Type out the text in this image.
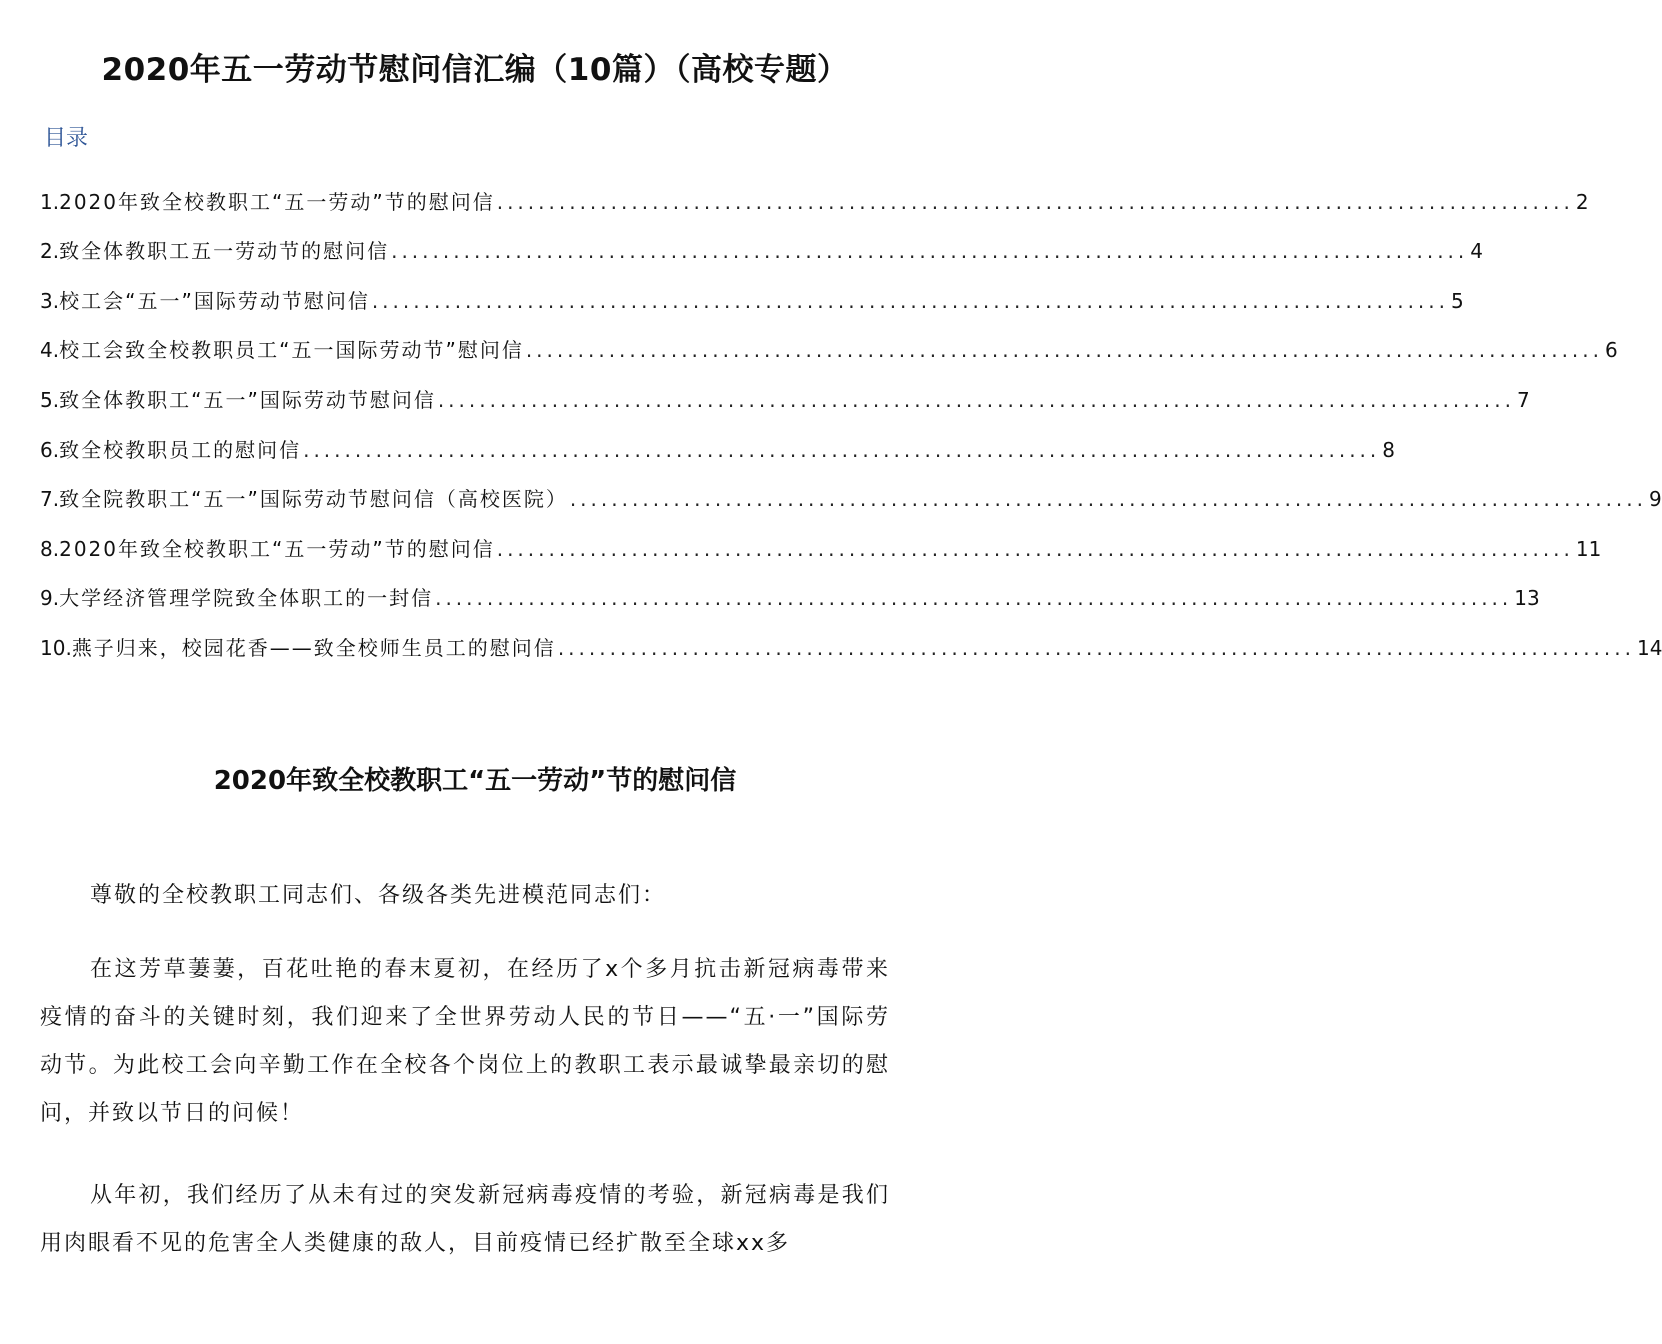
2020年五一劳动节慰问信汇编（10篇）（高校专题）
目录
1. 2020年致全校教职工“五一劳动”节的慰问信 ........................................................................................................ 2
2. 致全体教职工五一劳动节的慰问信 ........................................................................................................ 4
3. 校工会“五一”国际劳动节慰问信 ........................................................................................................ 5
4. 校工会致全校教职员工“五一国际劳动节”慰问信 ........................................................................................................ 6
5. 致全体教职工“五一”国际劳动节慰问信 ........................................................................................................ 7
6. 致全校教职员工的慰问信 ........................................................................................................ 8
7. 致全院教职工“五一”国际劳动节慰问信（高校医院） ........................................................................................................ 9
8. 2020年致全校教职工“五一劳动”节的慰问信 ........................................................................................................ 11
9. 大学经济管理学院致全体职工的一封信 ........................................................................................................ 13
10. 燕子归来，校园花香——致全校师生员工的慰问信 ........................................................................................................ 14
2020年致全校教职工“五一劳动”节的慰问信

尊敬的全校教职工同志们、各级各类先进模范同志们：

在这芳草萋萋，百花吐艳的春末夏初，在经历了x个多月抗击新冠病毒带来疫情的奋斗的关键时刻，我们迎来了全世界劳动人民的节日——“五·一”国际劳动节。为此校工会向辛勤工作在全校各个岗位上的教职工表示最诚挚最亲切的慰问，并致以节日的问候！

从年初，我们经历了从未有过的突发新冠病毒疫情的考验，新冠病毒是我们用肉眼看不见的危害全人类健康的敌人，目前疫情已经扩散至全球xx多
